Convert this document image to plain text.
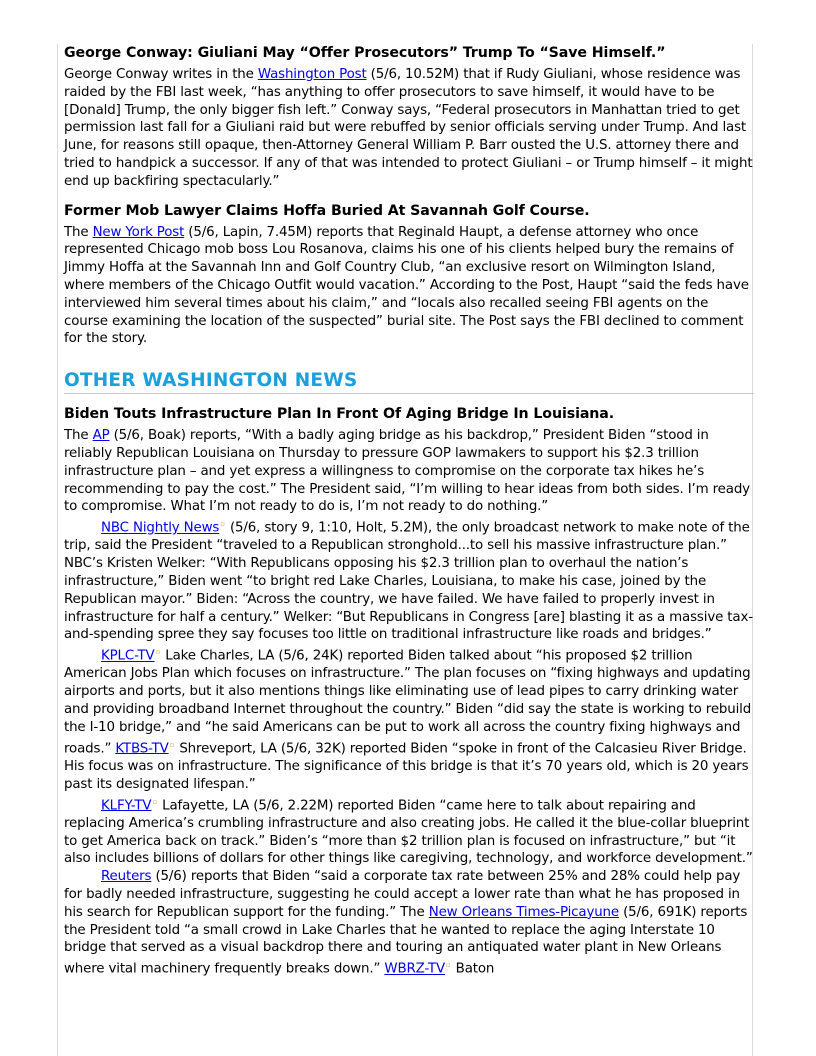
George Conway: Giuliani May “Offer Prosecutors” Trump To “Save Himself.”

George Conway writes in the Washington Post (5/6, 10.52M) that if Rudy Giuliani, whose residence was raided by the FBI last week, “has anything to offer prosecutors to save himself, it would have to be [Donald] Trump, the only bigger fish left.” Conway says, “Federal prosecutors in Manhattan tried to get permission last fall for a Giuliani raid but were rebuffed by senior officials serving under Trump. And last June, for reasons still opaque, then-Attorney General William P. Barr ousted the U.S. attorney there and tried to handpick a successor. If any of that was intended to protect Giuliani – or Trump himself – it might end up backfiring spectacularly.”

Former Mob Lawyer Claims Hoffa Buried At Savannah Golf Course.

The New York Post (5/6, Lapin, 7.45M) reports that Reginald Haupt, a defense attorney who once represented Chicago mob boss Lou Rosanova, claims his one of his clients helped bury the remains of Jimmy Hoffa at the Savannah Inn and Golf Country Club, “an exclusive resort on Wilmington Island, where members of the Chicago Outfit would vacation.” According to the Post, Haupt “said the feds have interviewed him several times about his claim,” and “locals also recalled seeing FBI agents on the course examining the location of the suspected” burial site. The Post says the FBI declined to comment for the story.

OTHER WASHINGTON NEWS
Biden Touts Infrastructure Plan In Front Of Aging Bridge In Louisiana.

The AP (5/6, Boak) reports, “With a badly aging bridge as his backdrop,” President Biden “stood in reliably Republican Louisiana on Thursday to pressure GOP lawmakers to support his $2.3 trillion infrastructure plan – and yet express a willingness to compromise on the corporate tax hikes he’s recommending to pay the cost.” The President said, “I’m willing to hear ideas from both sides. I’m ready to compromise. What I’m not ready to do is, I’m not ready to do nothing.”

NBC Nightly News▫ (5/6, story 9, 1:10, Holt, 5.2M), the only broadcast network to make note of the trip, said the President “traveled to a Republican stronghold...to sell his massive infrastructure plan.” NBC’s Kristen Welker: “With Republicans opposing his $2.3 trillion plan to overhaul the nation’s infrastructure,” Biden went “to bright red Lake Charles, Louisiana, to make his case, joined by the Republican mayor.” Biden: “Across the country, we have failed. We have failed to properly invest in infrastructure for half a century.” Welker: “But Republicans in Congress [are] blasting it as a massive tax-and-spending spree they say focuses too little on traditional infrastructure like roads and bridges.”

KPLC-TV▫ Lake Charles, LA (5/6, 24K) reported Biden talked about “his proposed $2 trillion American Jobs Plan which focuses on infrastructure.” The plan focuses on “fixing highways and updating airports and ports, but it also mentions things like eliminating use of lead pipes to carry drinking water and providing broadband Internet throughout the country.” Biden “did say the state is working to rebuild the I-10 bridge,” and “he said Americans can be put to work all across the country fixing highways and roads.” KTBS-TV▫ Shreveport, LA (5/6, 32K) reported Biden “spoke in front of the Calcasieu River Bridge. His focus was on infrastructure. The significance of this bridge is that it’s 70 years old, which is 20 years past its designated lifespan.”

KLFY-TV▫ Lafayette, LA (5/6, 2.22M) reported Biden “came here to talk about repairing and replacing America’s crumbling infrastructure and also creating jobs. He called it the blue-collar blueprint to get America back on track.” Biden’s “more than $2 trillion plan is focused on infrastructure,” but “it also includes billions of dollars for other things like caregiving, technology, and workforce development.”

Reuters (5/6) reports that Biden “said a corporate tax rate between 25% and 28% could help pay for badly needed infrastructure, suggesting he could accept a lower rate than what he has proposed in his search for Republican support for the funding.” The New Orleans Times-Picayune (5/6, 691K) reports the President told “a small crowd in Lake Charles that he wanted to replace the aging Interstate 10 bridge that served as a visual backdrop there and touring an antiquated water plant in New Orleans where vital machinery frequently breaks down.” WBRZ-TV▫ Baton
